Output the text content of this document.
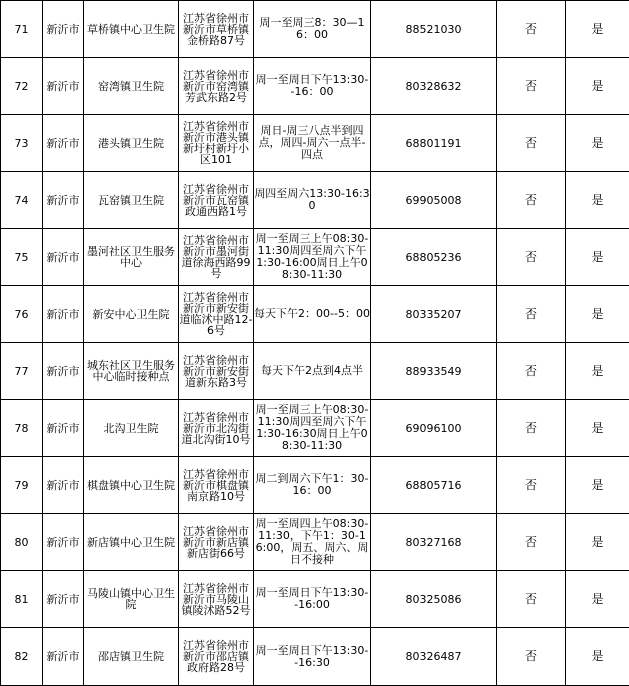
71	新沂市	草桥镇中心卫生院	江苏省徐州市新沂市草桥镇金桥路87号	周一至周三8：30—16：00	88521030	否	是
72	新沂市	窑湾镇卫生院	江苏省徐州市新沂市窑湾镇芳武东路2号	周一至周日下午13:30--16：00	80328632	否	是
73	新沂市	港头镇卫生院	江苏省徐州市新沂市港头镇新圩村新圩小区101	周日-周三八点半到四点，周四-周六一点半-四点	68801191	否	是
74	新沂市	瓦窑镇卫生院	江苏省徐州市新沂市瓦窑镇政通西路1号	周四至周六13:30-16:30	69905008	否	是
75	新沂市	墨河社区卫生服务中心	江苏省徐州市新沂市墨河街道徐海西路99号	周一至周三上午08:30-11:30周四至周六下午1:30-16:00周日上午08:30-11:30	68805236	否	是
76	新沂市	新安中心卫生院	江苏省徐州市新沂市新安街道临沭中路12-6号	每天下午2：00--5：00	80335207	否	是
77	新沂市	城东社区卫生服务中心临时接种点	江苏省徐州市新沂市新安街道新东路3号	每天下午2点到4点半	88933549	否	是
78	新沂市	北沟卫生院	江苏省徐州市新沂市北沟街道北沟街10号	周一至周三上午08:30-11:30周四至周六下午1:30-16:30周日上午08:30-11:30	69096100	否	是
79	新沂市	棋盘镇中心卫生院	江苏省徐州市新沂市棋盘镇南京路10号	周二到周六下午1：30-16：00	68805716	否	是
80	新沂市	新店镇中心卫生院	江苏省徐州市新沂市新店镇新店街66号	周一至周四上午08:30-11:30，下午1：30-16:00，周五、周六、周日不接种	80327168	否	是
81	新沂市	马陵山镇中心卫生院	江苏省徐州市新沂市马陵山镇陵沭路52号	周一至周日下午13:30--16:00	80325086	否	是
82	新沂市	邵店镇卫生院	江苏省徐州市新沂市邵店镇政府路28号	周一至周日下午13:30--16:30	80326487	否	是
